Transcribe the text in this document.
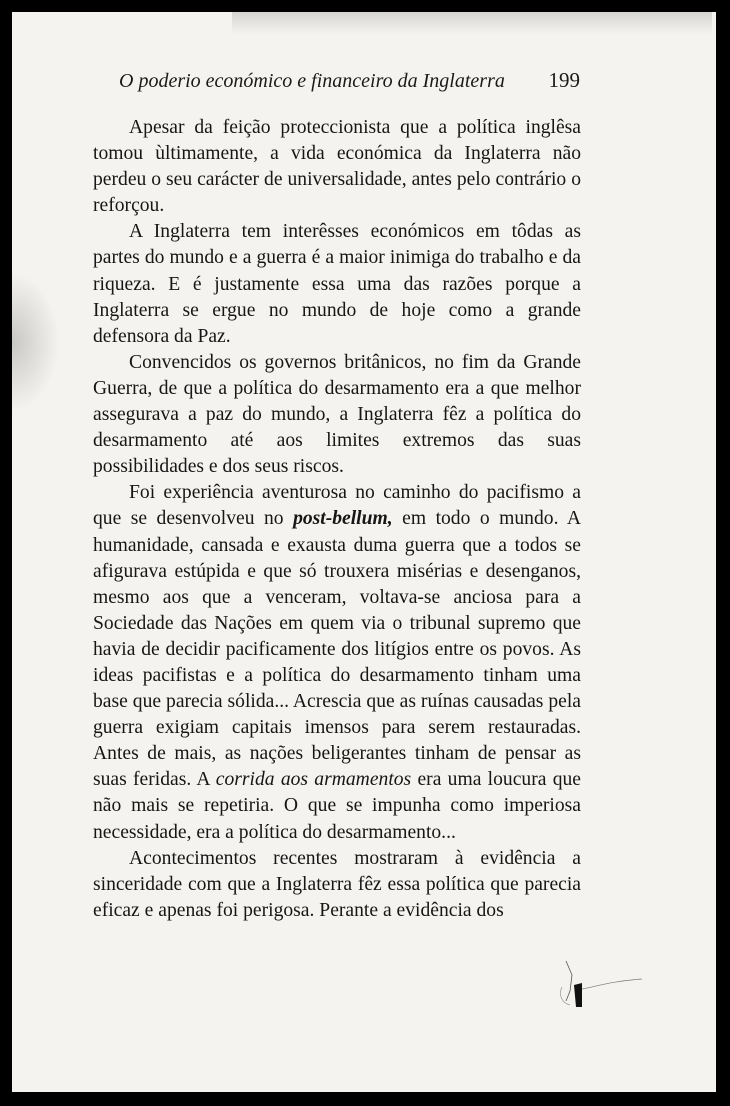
O poderio económico e financeiro da Inglaterra 199

Apesar da feição proteccionista que a política inglêsa tomou ùltimamente, a vida económica da Inglaterra não perdeu o seu carácter de universalidade, antes pelo contrário o reforçou.

A Inglaterra tem interêsses económicos em tôdas as partes do mundo e a guerra é a maior inimiga do trabalho e da riqueza. E é justamente essa uma das razões porque a Inglaterra se ergue no mundo de hoje como a grande defensora da Paz.

Convencidos os governos britânicos, no fim da Grande Guerra, de que a política do desarmamento era a que melhor assegurava a paz do mundo, a Inglaterra fêz a política do desarmamento até aos limites extremos das suas possibilidades e dos seus riscos.

Foi experiência aventurosa no caminho do pacifismo a que se desenvolveu no post-bellum, em todo o mundo. A humanidade, cansada e exausta duma guerra que a todos se afigurava estúpida e que só trouxera misérias e desenganos, mesmo aos que a venceram, voltava-se anciosa para a Sociedade das Nações em quem via o tribunal supremo que havia de decidir pacificamente dos litígios entre os povos. As ideas pacifistas e a política do desarmamento tinham uma base que parecia sólida... Acrescia que as ruínas causadas pela guerra exigiam capitais imensos para serem restauradas. Antes de mais, as nações beligerantes tinham de pensar as suas feridas. A corrida aos armamentos era uma loucura que não mais se repetiria. O que se impunha como imperiosa necessidade, era a política do desarmamento...

Acontecimentos recentes mostraram à evidência a sinceridade com que a Inglaterra fêz essa política que parecia eficaz e apenas foi perigosa. Perante a evidência dos
